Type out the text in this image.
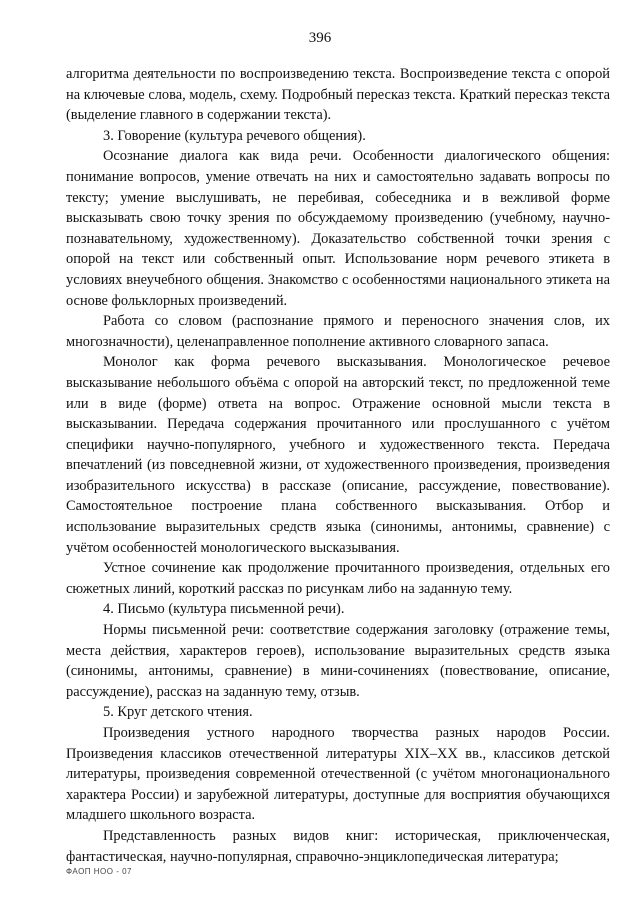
396

алгоритма деятельности по воспроизведению текста. Воспроизведение текста с опорой на ключевые слова, модель, схему. Подробный пересказ текста. Краткий пересказ текста (выделение главного в содержании текста).

3. Говорение (культура речевого общения).

Осознание диалога как вида речи. Особенности диалогического общения: понимание вопросов, умение отвечать на них и самостоятельно задавать вопросы по тексту; умение выслушивать, не перебивая, собеседника и в вежливой форме высказывать свою точку зрения по обсуждаемому произведению (учебному, научно-познавательному, художественному). Доказательство собственной точки зрения с опорой на текст или собственный опыт. Использование норм речевого этикета в условиях внеучебного общения. Знакомство с особенностями национального этикета на основе фольклорных произведений.

Работа со словом (распознание прямого и переносного значения слов, их многозначности), целенаправленное пополнение активного словарного запаса.

Монолог как форма речевого высказывания. Монологическое речевое высказывание небольшого объёма с опорой на авторский текст, по предложенной теме или в виде (форме) ответа на вопрос. Отражение основной мысли текста в высказывании. Передача содержания прочитанного или прослушанного с учётом специфики научно-популярного, учебного и художественного текста. Передача впечатлений (из повседневной жизни, от художественного произведения, произведения изобразительного искусства) в рассказе (описание, рассуждение, повествование). Самостоятельное построение плана собственного высказывания. Отбор и использование выразительных средств языка (синонимы, антонимы, сравнение) с учётом особенностей монологического высказывания.

Устное сочинение как продолжение прочитанного произведения, отдельных его сюжетных линий, короткий рассказ по рисункам либо на заданную тему.

4. Письмо (культура письменной речи).

Нормы письменной речи: соответствие содержания заголовку (отражение темы, места действия, характеров героев), использование выразительных средств языка (синонимы, антонимы, сравнение) в мини-сочинениях (повествование, описание, рассуждение), рассказ на заданную тему, отзыв.

5. Круг детского чтения.

Произведения устного народного творчества разных народов России. Произведения классиков отечественной литературы XIX–XX вв., классиков детской литературы, произведения современной отечественной (с учётом многонационального характера России) и зарубежной литературы, доступные для восприятия обучающихся младшего школьного возраста.

Представленность разных видов книг: историческая, приключенческая, фантастическая, научно-популярная, справочно-энциклопедическая литература;

ФАОП НОО - 07
